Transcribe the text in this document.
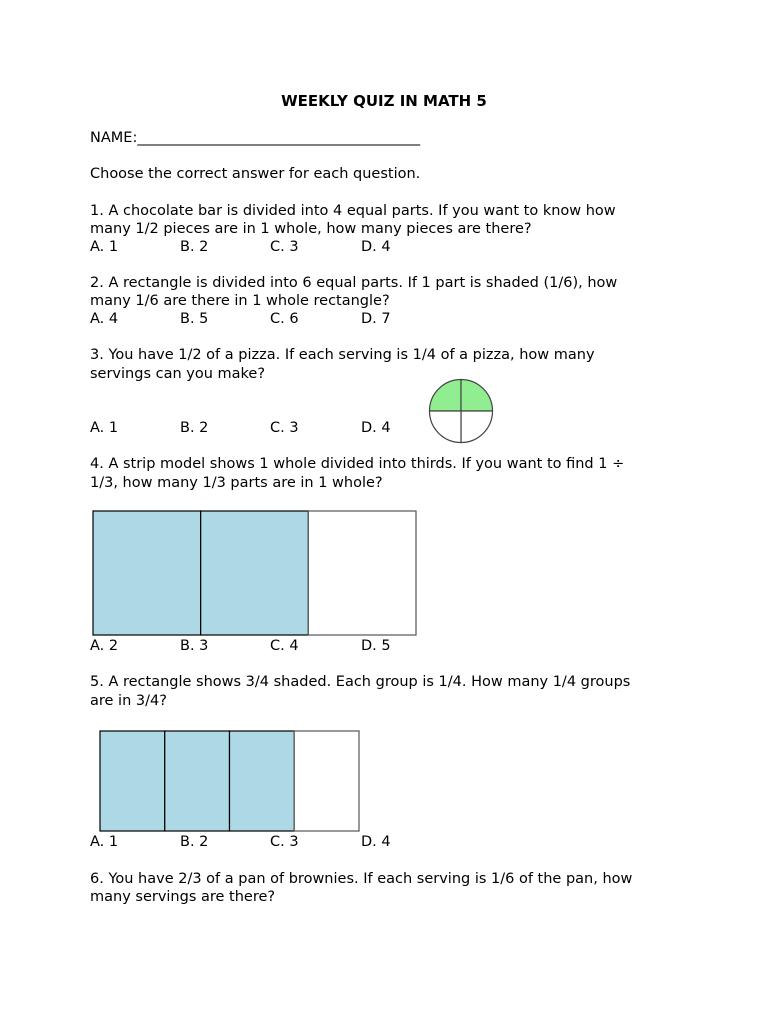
WEEKLY QUIZ IN MATH 5
NAME:_______________________________________
Choose the correct answer for each question.
1. A chocolate bar is divided into 4 equal parts. If you want to know how
many 1/2 pieces are in 1 whole, how many pieces are there?
A. 1	B. 2	C. 3	D. 4
2. A rectangle is divided into 6 equal parts. If 1 part is shaded (1/6), how
many 1/6 are there in 1 whole rectangle?
A. 4	B. 5	C. 6	D. 7
3. You have 1/2 of a pizza. If each serving is 1/4 of a pizza, how many
servings can you make?
A. 1	B. 2	C. 3	D. 4
4. A strip model shows 1 whole divided into thirds. If you want to find 1 ÷
1/3, how many 1/3 parts are in 1 whole?
A. 2	B. 3	C. 4	D. 5
5. A rectangle shows 3/4 shaded. Each group is 1/4. How many 1/4 groups
are in 3/4?
A. 1	B. 2	C. 3	D. 4
6. You have 2/3 of a pan of brownies. If each serving is 1/6 of the pan, how
many servings are there?
